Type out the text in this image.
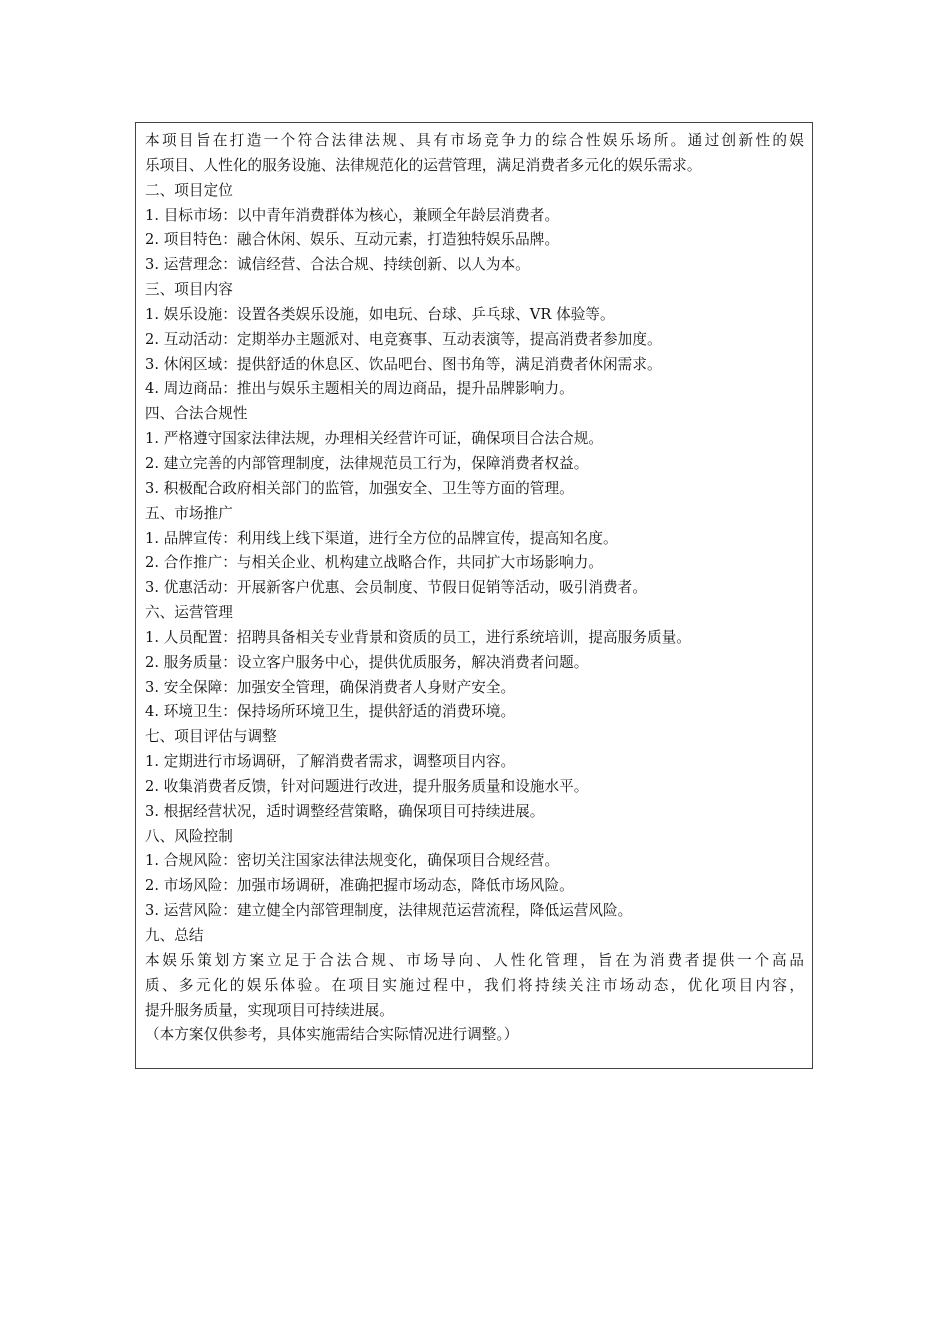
本项目旨在打造一个符合法律法规、具有市场竞争力的综合性娱乐场所。通过创新性的娱
乐项目、人性化的服务设施、法律规范化的运营管理，满足消费者多元化的娱乐需求。
二、项目定位
1. 目标市场：以中青年消费群体为核心，兼顾全年龄层消费者。
2. 项目特色：融合休闲、娱乐、互动元素，打造独特娱乐品牌。
3. 运营理念：诚信经营、合法合规、持续创新、以人为本。
三、项目内容
1. 娱乐设施：设置各类娱乐设施，如电玩、台球、乒乓球、VR 体验等。
2. 互动活动：定期举办主题派对、电竞赛事、互动表演等，提高消费者参加度。
3. 休闲区域：提供舒适的休息区、饮品吧台、图书角等，满足消费者休闲需求。
4. 周边商品：推出与娱乐主题相关的周边商品，提升品牌影响力。
四、合法合规性
1. 严格遵守国家法律法规，办理相关经营许可证，确保项目合法合规。
2. 建立完善的内部管理制度，法律规范员工行为，保障消费者权益。
3. 积极配合政府相关部门的监管，加强安全、卫生等方面的管理。
五、市场推广
1. 品牌宣传：利用线上线下渠道，进行全方位的品牌宣传，提高知名度。
2. 合作推广：与相关企业、机构建立战略合作，共同扩大市场影响力。
3. 优惠活动：开展新客户优惠、会员制度、节假日促销等活动，吸引消费者。
六、运营管理
1. 人员配置：招聘具备相关专业背景和资质的员工，进行系统培训，提高服务质量。
2. 服务质量：设立客户服务中心，提供优质服务，解决消费者问题。
3. 安全保障：加强安全管理，确保消费者人身财产安全。
4. 环境卫生：保持场所环境卫生，提供舒适的消费环境。
七、项目评估与调整
1. 定期进行市场调研，了解消费者需求，调整项目内容。
2. 收集消费者反馈，针对问题进行改进，提升服务质量和设施水平。
3. 根据经营状况，适时调整经营策略，确保项目可持续进展。
八、风险控制
1. 合规风险：密切关注国家法律法规变化，确保项目合规经营。
2. 市场风险：加强市场调研，准确把握市场动态，降低市场风险。
3. 运营风险：建立健全内部管理制度，法律规范运营流程，降低运营风险。
九、总结
本娱乐策划方案立足于合法合规、市场导向、人性化管理，旨在为消费者提供一个高品
质、多元化的娱乐体验。在项目实施过程中，我们将持续关注市场动态，优化项目内容，
提升服务质量，实现项目可持续进展。
（本方案仅供参考，具体实施需结合实际情况进行调整。）
